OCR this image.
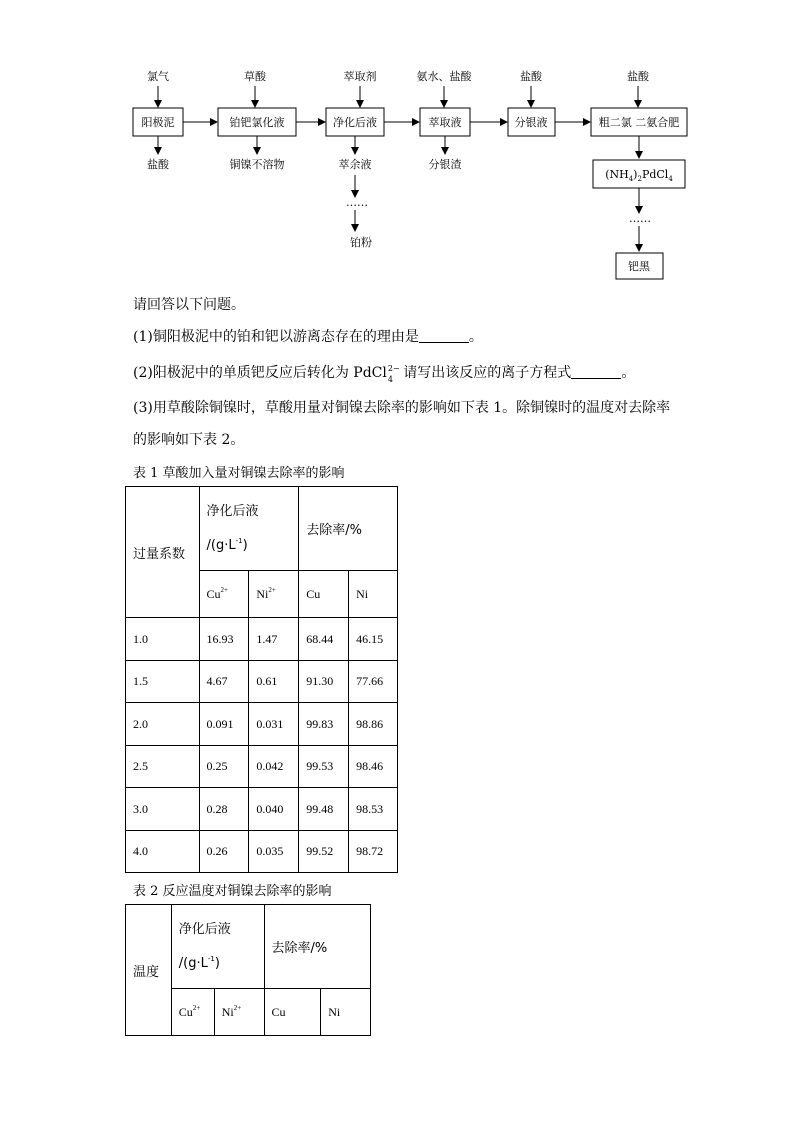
氯气	草酸	萃取剂	氨水、盐酸	盐酸	盐酸
阳极泥	铂钯氯化液	净化后液	萃取液	分银液	粗二氯 二氨合肥
盐酸	铜镍不溶物	萃余液	分银渣
……
铂粉
$(NH_4)_2PdCl_4$
……
钯黑
请回答以下问题。
(1)铜阳极泥中的铂和钯以游离态存在的理由是	。
(2)阳极泥中的单质钯反应后转化为 PdCl 2−
4 请写出该反应的离子方程式	。
(3)用草酸除铜镍时，草酸用量对铜镍去除率的影响如下表 1。除铜镍时的温度对去除率
的影响如下表 2。
表 1 草酸加入量对铜镍去除率的影响
过量系数	净化后液
$/(g\cdot L^{-1})$		去除率/%	
	$Cu^{2+}$	$Ni^{2+}$	Cu	Ni
1.0	16.93	1.47	68.44	46.15
1.5	4.67	0.61	91.30	77.66
2.0	0.091	0.031	99.83	98.86
2.5	0.25	0.042	99.53	98.46
3.0	0.28	0.040	99.48	98.53
4.0	0.26	0.035	99.52	98.72
表 2 反应温度对铜镍去除率的影响
温度	净化后液
$/(g\cdot L^{-1})$		去除率/%	
	$Cu^{2+}$	$Ni^{2+}$	Cu	Ni
